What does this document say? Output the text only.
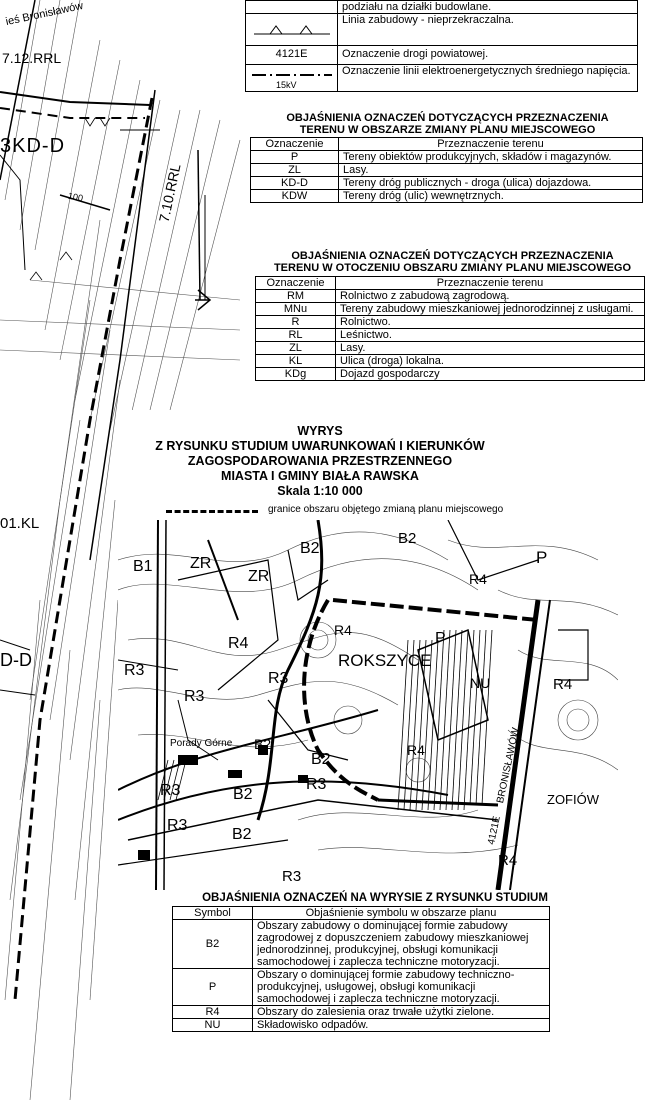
ieś Bronisławów
7.12.RRL
3KD-D
7.10.RRL
100
01.KL
D-D
	podziału na działki budowlane.
	Linia zabudowy - nieprzekraczalna.
4121E	Oznaczenie drogi powiatowej.

15kV	Oznaczenie linii elektroenergetycznych średniego napięcia.
OBJAŚNIENIA OZNACZEŃ DOTYCZĄCYCH PRZEZNACZENIA
TERENU W OBSZARZE ZMIANY PLANU MIEJSCOWEGO
Oznaczenie	Przeznaczenie terenu
P	Tereny obiektów produkcyjnych, składów i magazynów.
ZL	Lasy.
KD-D	Tereny dróg publicznych - droga (ulica) dojazdowa.
KDW	Tereny dróg (ulic) wewnętrznych.
OBJAŚNIENIA OZNACZEŃ DOTYCZĄCYCH PRZEZNACZENIA
TERENU W OTOCZENIU OBSZARU ZMIANY PLANU MIEJSCOWEGO
Oznaczenie	Przeznaczenie terenu
RM	Rolnictwo z zabudową zagrodową.
MNu	Tereny zabudowy mieszkaniowej jednorodzinnej z usługami.
R	Rolnictwo.
RL	Leśnictwo.
ZL	Lasy.
KL	Ulica (droga) lokalna.
KDg	Dojazd gospodarczy
WYRYS
Z RYSUNKU STUDIUM UWARUNKOWAŃ I KIERUNKÓW
ZAGOSPODAROWANIA PRZESTRZENNEGO
MIASTA I GMINY BIAŁA RAWSKA
Skala 1:10 000
granice obszaru objętego zmianą planu miejscowego
ROKSZYCE
ZOFIÓW
Porady Górne	BRONISŁAWÓW
4121E
B1 ZR
ZR
B2
B2
P
R4
R4
R4
R4
R3
R3
R3
R3	R3
R3
B2
B2
B2
P
NU
R4
R4
B2
R3
OBJAŚNIENIA OZNACZEŃ NA WYRYSIE Z RYSUNKU STUDIUM
Symbol	Objaśnienie symbolu w obszarze planu
B2	Obszary zabudowy o dominującej formie zabudowy zagrodowej z dopuszczeniem zabudowy mieszkaniowej jednorodzinnej, produkcyjnej, obsługi komunikacji samochodowej i zaplecza techniczne motoryzacji.
P	Obszary o dominującej formie zabudowy techniczno-produkcyjnej, usługowej, obsługi komunikacji samochodowej i zaplecza techniczne motoryzacji.
R4	Obszary do zalesienia oraz trwałe użytki zielone.
NU	Składowisko odpadów.
